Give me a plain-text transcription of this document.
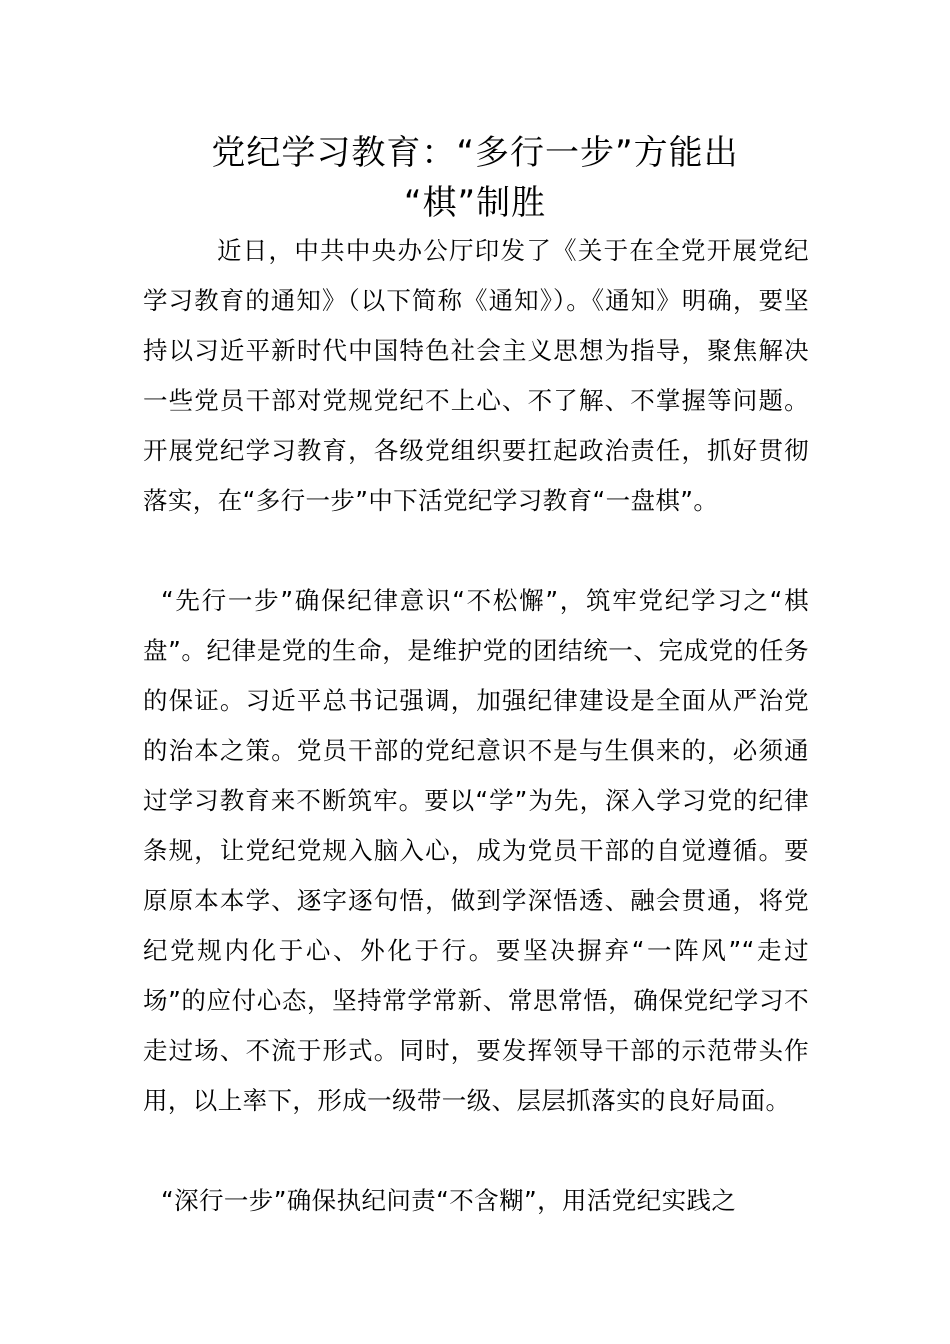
党纪学习教育：“多行一步”方能出
“棋”制胜

近日，中共中央办公厅印发了《关于在全党开展党纪学习教育的通知》（以下简称《通知》）。《通知》明确，要坚持以习近平新时代中国特色社会主义思想为指导，聚焦解决一些党员干部对党规党纪不上心、不了解、不掌握等问题。开展党纪学习教育，各级党组织要扛起政治责任，抓好贯彻落实，在“多行一步”中下活党纪学习教育“一盘棋”。

“先行一步”确保纪律意识“不松懈”，筑牢党纪学习之“棋盘”。纪律是党的生命，是维护党的团结统一、完成党的任务的保证。习近平总书记强调，加强纪律建设是全面从严治党的治本之策。党员干部的党纪意识不是与生俱来的，必须通过学习教育来不断筑牢。要以“学”为先，深入学习党的纪律条规，让党纪党规入脑入心，成为党员干部的自觉遵循。要原原本本学、逐字逐句悟，做到学深悟透、融会贯通，将党纪党规内化于心、外化于行。要坚决摒弃“一阵风”“走过场”的应付心态，坚持常学常新、常思常悟，确保党纪学习不走过场、不流于形式。同时，要发挥领导干部的示范带头作用，以上率下，形成一级带一级、层层抓落实的良好局面。

“深行一步”确保执纪问责“不含糊”，用活党纪实践之
